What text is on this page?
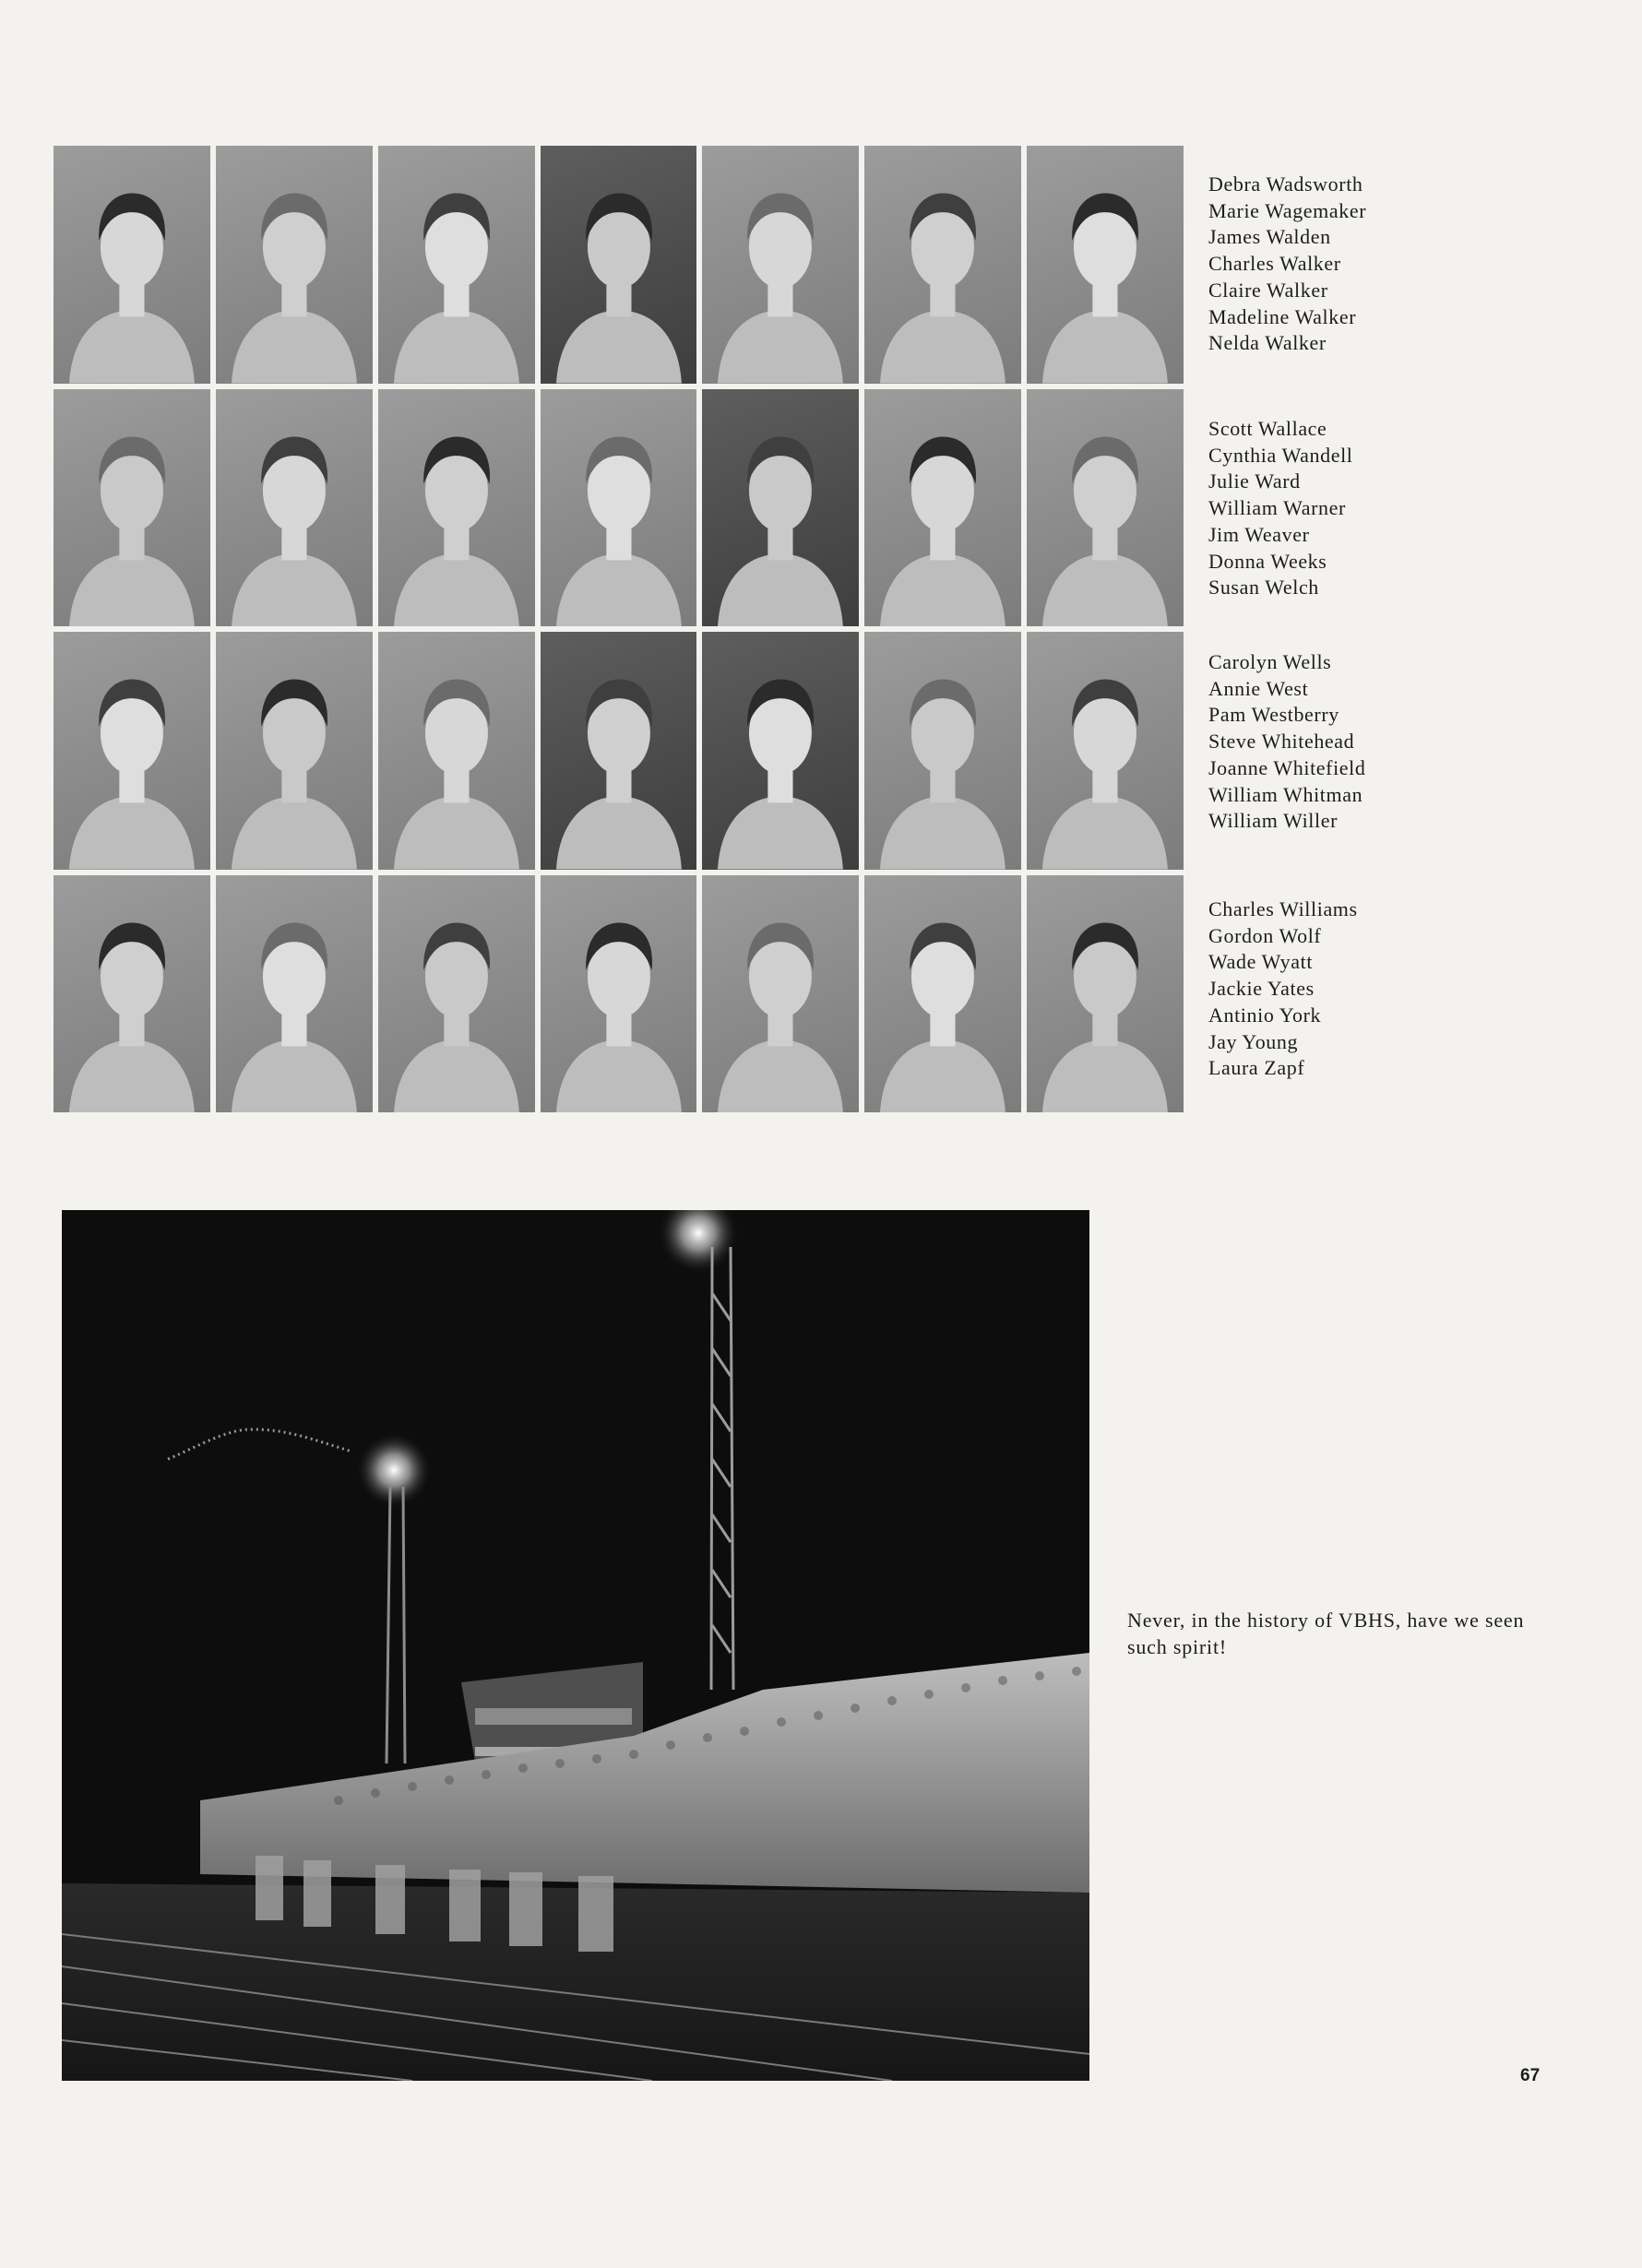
Debra Wadsworth
Marie Wagemaker
James Walden
Charles Walker
Claire Walker
Madeline Walker
Nelda Walker
Scott Wallace
Cynthia Wandell
Julie Ward
William Warner
Jim Weaver
Donna Weeks
Susan Welch
Carolyn Wells
Annie West
Pam Westberry
Steve Whitehead
Joanne Whitefield
William Whitman
William Willer
Charles Williams
Gordon Wolf
Wade Wyatt
Jackie Yates
Antinio York
Jay Young
Laura Zapf
Never, in the history of VBHS, have we seen such spirit!
67
